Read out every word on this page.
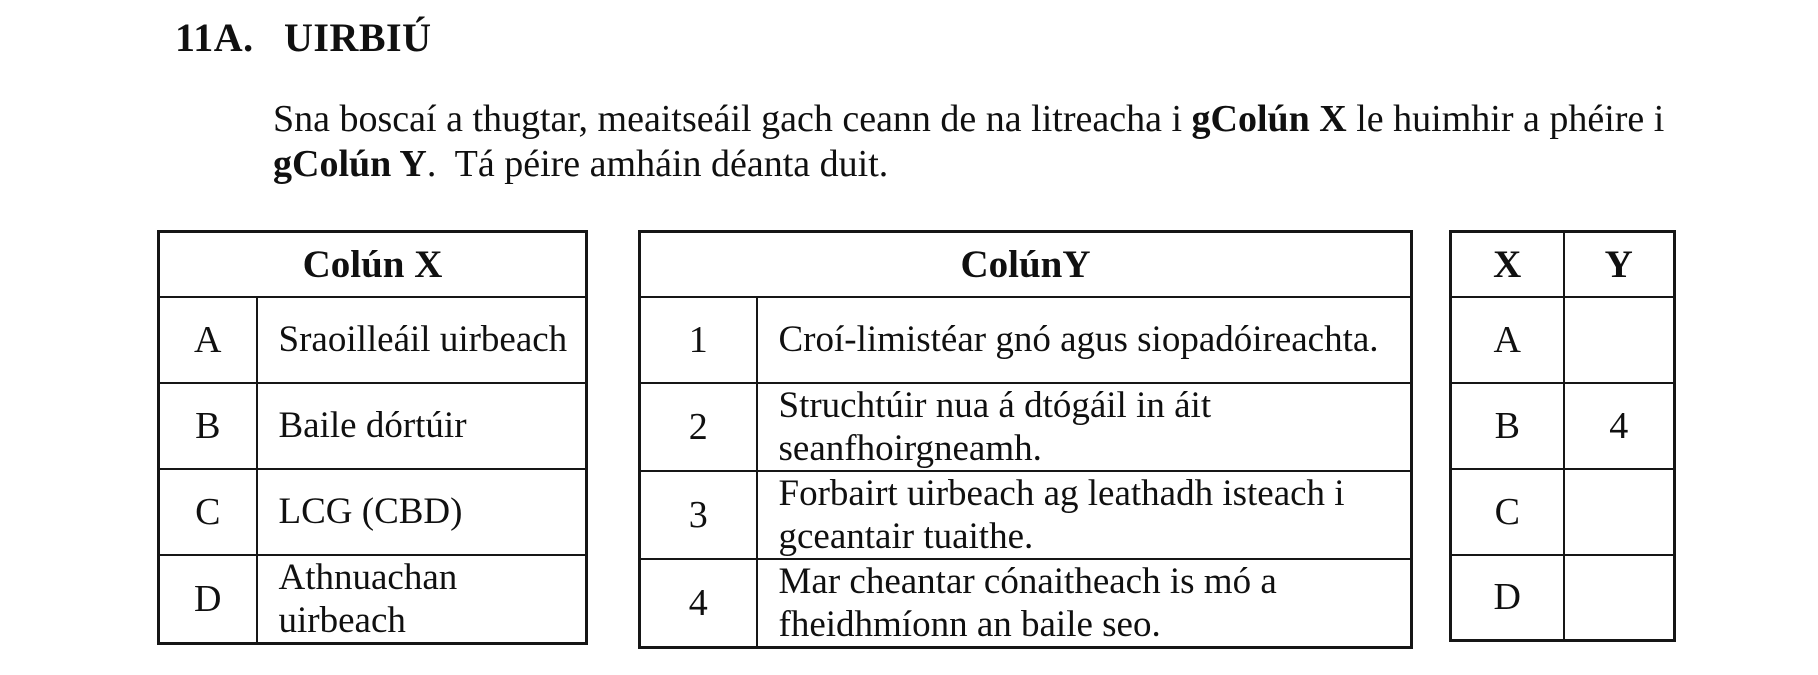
11A. UIRBIÚ

Sna boscaí a thugtar, meaitseáil gach ceann de na litreacha i gColún X le huimhir a phéire i
gColún Y.  Tá péire amháin déanta duit.

Colún X	
A	Sraoilleáil uirbeach
B	Baile dórtúir
C	LCG (CBD)
D	Athnuachan
uirbeach
ColúnY	
1	Croí-limistéar gnó agus siopadóireachta.
2	Struchtúir nua á dtógáil in áit seanfhoirgneamh.
3	Forbairt uirbeach ag leathadh isteach i gceantair tuaithe.
4	Mar cheantar cónaitheach is mó a fheidhmíonn an baile seo.
X	Y
A	
B	4
C	
D	
